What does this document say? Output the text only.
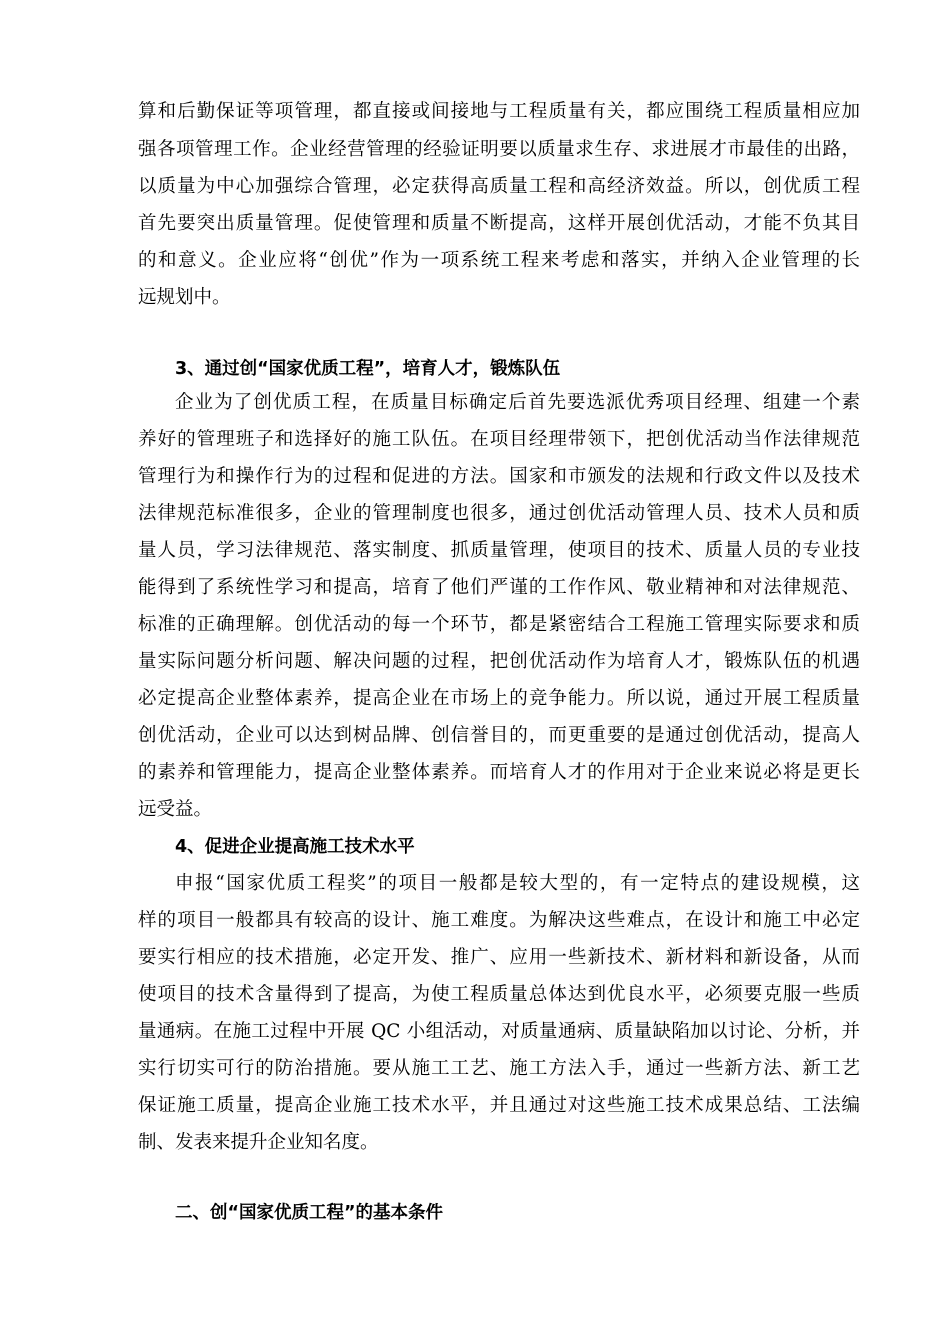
算和后勤保证等项管理，都直接或间接地与工程质量有关，都应围绕工程质量相应加
强各项管理工作。企业经营管理的经验证明要以质量求生存、求进展才市最佳的出路，
以质量为中心加强综合管理，必定获得高质量工程和高经济效益。所以，创优质工程
首先要突出质量管理。促使管理和质量不断提高，这样开展创优活动，才能不负其目
的和意义。企业应将“创优”作为一项系统工程来考虑和落实，并纳入企业管理的长
远规划中。
3、通过创“国家优质工程”，培育人才，锻炼队伍
企业为了创优质工程，在质量目标确定后首先要选派优秀项目经理、组建一个素
养好的管理班子和选择好的施工队伍。在项目经理带领下，把创优活动当作法律规范
管理行为和操作行为的过程和促进的方法。国家和市颁发的法规和行政文件以及技术
法律规范标准很多，企业的管理制度也很多，通过创优活动管理人员、技术人员和质
量人员，学习法律规范、落实制度、抓质量管理，使项目的技术、质量人员的专业技
能得到了系统性学习和提高，培育了他们严谨的工作作风、敬业精神和对法律规范、
标准的正确理解。创优活动的每一个环节，都是紧密结合工程施工管理实际要求和质
量实际问题分析问题、解决问题的过程，把创优活动作为培育人才，锻炼队伍的机遇
必定提高企业整体素养，提高企业在市场上的竞争能力。所以说，通过开展工程质量
创优活动，企业可以达到树品牌、创信誉目的，而更重要的是通过创优活动，提高人
的素养和管理能力，提高企业整体素养。而培育人才的作用对于企业来说必将是更长
远受益。
4、促进企业提高施工技术水平
申报“国家优质工程奖”的项目一般都是较大型的，有一定特点的建设规模，这
样的项目一般都具有较高的设计、施工难度。为解决这些难点，在设计和施工中必定
要实行相应的技术措施，必定开发、推广、应用一些新技术、新材料和新设备，从而
使项目的技术含量得到了提高，为使工程质量总体达到优良水平，必须要克服一些质
量通病。在施工过程中开展 QC 小组活动，对质量通病、质量缺陷加以讨论、分析，并
实行切实可行的防治措施。要从施工工艺、施工方法入手，通过一些新方法、新工艺
保证施工质量，提高企业施工技术水平，并且通过对这些施工技术成果总结、工法编
制、发表来提升企业知名度。
二、创“国家优质工程”的基本条件
